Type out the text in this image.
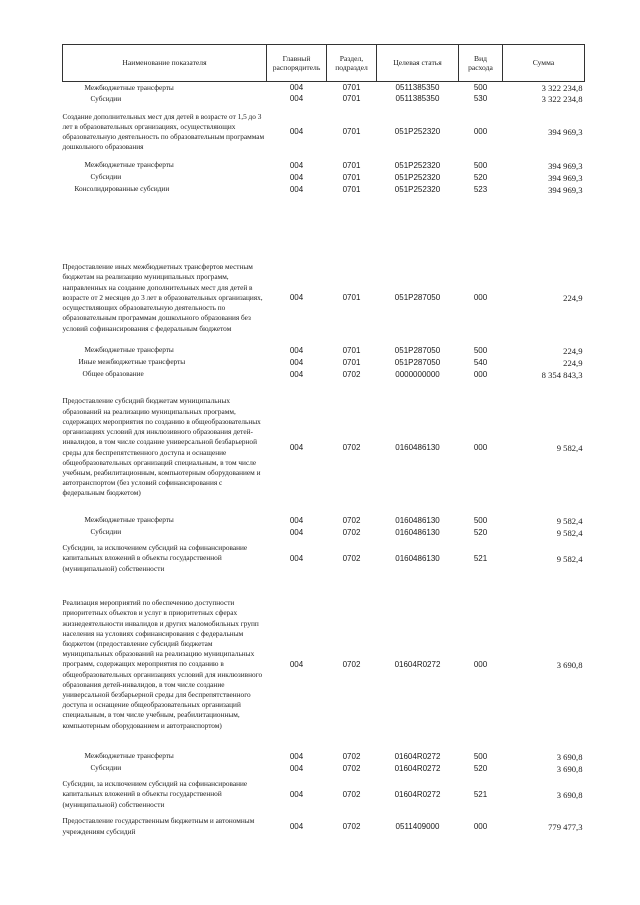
Наименование показателя	Главный распорядитель	Раздел, подраздел	Целевая статья	Вид расхода	Сумма
Межбюджетные трансферты	004	0701	0511385350	500	3 322 234,8
Субсидии	004	0701	0511385350	530	3 322 234,8
Создание дополнительных мест для детей в возрасте от 1,5 до 3 лет в образовательных организациях, осуществляющих образовательную деятельность по образовательным программам дошкольного образования	004	0701	051P252320	000	394 969,3
Межбюджетные трансферты	004	0701	051P252320	500	394 969,3
Субсидии	004	0701	051P252320	520	394 969,3
Консолидированные субсидии	004	0701	051P252320	523	394 969,3

Предоставление иных межбюджетных трансфертов местным бюджетам на реализацию муниципальных программ, направленных на создание дополнительных мест для детей в возрасте от 2 месяцев до 3 лет в образовательных организациях, осуществляющих образовательную деятельность по образовательным программам дошкольного образования без условий софинансирования с федеральным бюджетом	004	0701	051P287050	000	224,9
Межбюджетные трансферты	004	0701	051P287050	500	224,9
Иные межбюджетные трансферты	004	0701	051P287050	540	224,9
Общее образование	004	0702	0000000000	000	8 354 843,3
Предоставление субсидий бюджетам муниципальных образований на реализацию муниципальных программ, содержащих мероприятия по созданию в общеобразовательных организациях условий для инклюзивного образования детей-инвалидов, в том числе создание универсальной безбарьерной среды для беспрепятственного доступа и оснащение общеобразовательных организаций специальным, в том числе учебным, реабилитационным, компьютерным оборудованием и автотранспортом (без условий софинансирования с федеральным бюджетом)	004	0702	0160486130	000	9 582,4
Межбюджетные трансферты	004	0702	0160486130	500	9 582,4
Субсидии	004	0702	0160486130	520	9 582,4
Субсидии, за исключением субсидий на софинансирование капитальных вложений в объекты государственной (муниципальной) собственности	004	0702	0160486130	521	9 582,4
Реализация мероприятий по обеспечению доступности приоритетных объектов и услуг в приоритетных сферах жизнедеятельности инвалидов и других маломобильных групп населения на условиях софинансирования с федеральным бюджетом (предоставление субсидий бюджетам муниципальных образований на реализацию муниципальных программ, содержащих мероприятия по созданию в общеобразовательных организациях условий для инклюзивного образования детей-инвалидов, в том числе создание универсальной безбарьерной среды для беспрепятственного доступа и оснащение общеобразовательных организаций специальным, в том числе учебным, реабилитационным, компьютерным оборудованием и автотранспортом)	004	0702	01604R0272	000	3 690,8
Межбюджетные трансферты	004	0702	01604R0272	500	3 690,8
Субсидии	004	0702	01604R0272	520	3 690,8
Субсидии, за исключением субсидий на софинансирование капитальных вложений в объекты государственной (муниципальной) собственности	004	0702	01604R0272	521	3 690,8
Предоставление государственным бюджетным и автономным учреждениям субсидий	004	0702	0511409000	000	779 477,3
